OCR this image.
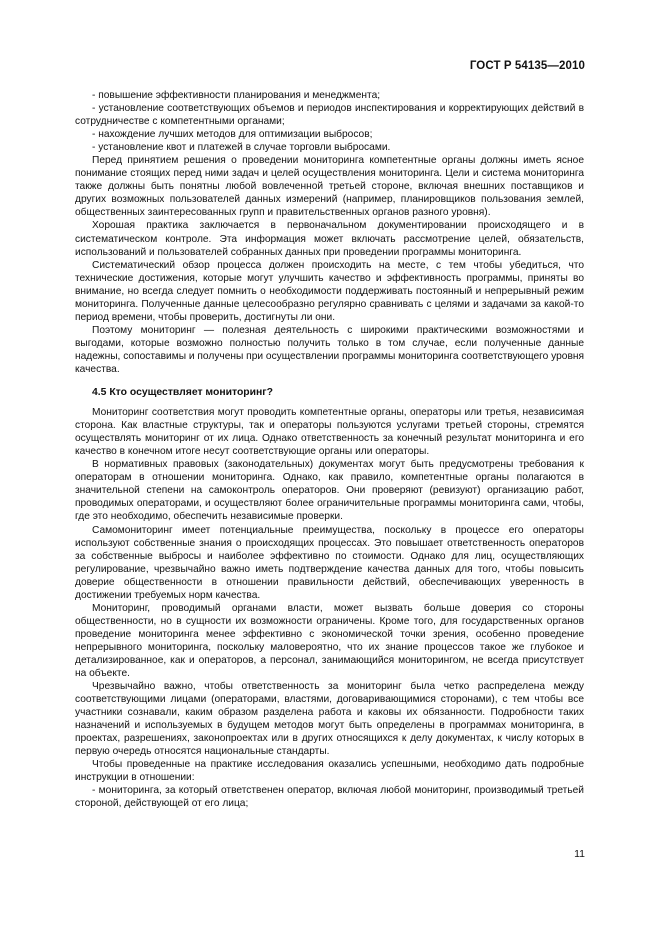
ГОСТ Р 54135—2010

- повышение эффективности планирования и менеджмента;

- установление соответствующих объемов и периодов инспектирования и корректирующих действий в сотрудничестве с компетентными органами;

- нахождение лучших методов для оптимизации выбросов;

- установление квот и платежей в случае торговли выбросами.

Перед принятием решения о проведении мониторинга компетентные органы должны иметь ясное понимание стоящих перед ними задач и целей осуществления мониторинга. Цели и система мониторинга также должны быть понятны любой вовлеченной третьей стороне, включая внешних поставщиков и других возможных пользователей данных измерений (например, планировщиков пользования землей, общественных заинтересованных групп и правительственных органов разного уровня).

Хорошая практика заключается в первоначальном документировании происходящего и в систематическом контроле. Эта информация может включать рассмотрение целей, обязательств, использований и пользователей собранных данных при проведении программы мониторинга.

Систематический обзор процесса должен происходить на месте, с тем чтобы убедиться, что технические достижения, которые могут улучшить качество и эффективность программы, приняты во внимание, но всегда следует помнить о необходимости поддерживать постоянный и непрерывный режим мониторинга. Полученные данные целесообразно регулярно сравнивать с целями и задачами за какой-то период времени, чтобы проверить, достигнуты ли они.

Поэтому мониторинг — полезная деятельность с широкими практическими возможностями и выгодами, которые возможно полностью получить только в том случае, если полученные данные надежны, сопоставимы и получены при осуществлении программы мониторинга соответствующего уровня качества.

4.5 Кто осуществляет мониторинг?

Мониторинг соответствия могут проводить компетентные органы, операторы или третья, независимая сторона. Как властные структуры, так и операторы пользуются услугами третьей стороны, стремятся осуществлять мониторинг от их лица. Однако ответственность за конечный результат мониторинга и его качество в конечном итоге несут соответствующие органы или операторы.

В нормативных правовых (законодательных) документах могут быть предусмотрены требования к операторам в отношении мониторинга. Однако, как правило, компетентные органы полагаются в значительной степени на самоконтроль операторов. Они проверяют (ревизуют) организацию работ, проводимых операторами, и осуществляют более ограничительные программы мониторинга сами, чтобы, где это необходимо, обеспечить независимые проверки.

Самомониторинг имеет потенциальные преимущества, поскольку в процессе его операторы используют собственные знания о происходящих процессах. Это повышает ответственность операторов за собственные выбросы и наиболее эффективно по стоимости. Однако для лиц, осуществляющих регулирование, чрезвычайно важно иметь подтверждение качества данных для того, чтобы повысить доверие общественности в отношении правильности действий, обеспечивающих уверенность в достижении требуемых норм качества.

Мониторинг, проводимый органами власти, может вызвать больше доверия со стороны общественности, но в сущности их возможности ограничены. Кроме того, для государственных органов проведение мониторинга менее эффективно с экономической точки зрения, особенно проведение непрерывного мониторинга, поскольку маловероятно, что их знание процессов такое же глубокое и детализированное, как и операторов, а персонал, занимающийся мониторингом, не всегда присутствует на объекте.

Чрезвычайно важно, чтобы ответственность за мониторинг была четко распределена между соответствующими лицами (операторами, властями, договаривающимися сторонами), с тем чтобы все участники сознавали, каким образом разделена работа и каковы их обязанности. Подробности таких назначений и используемых в будущем методов могут быть определены в программах мониторинга, в проектах, разрешениях, законопроектах или в других относящихся к делу документах, к числу которых в первую очередь относятся национальные стандарты.

Чтобы проведенные на практике исследования оказались успешными, необходимо дать подробные инструкции в отношении:

- мониторинга, за который ответственен оператор, включая любой мониторинг, производимый третьей стороной, действующей от его лица;

11
